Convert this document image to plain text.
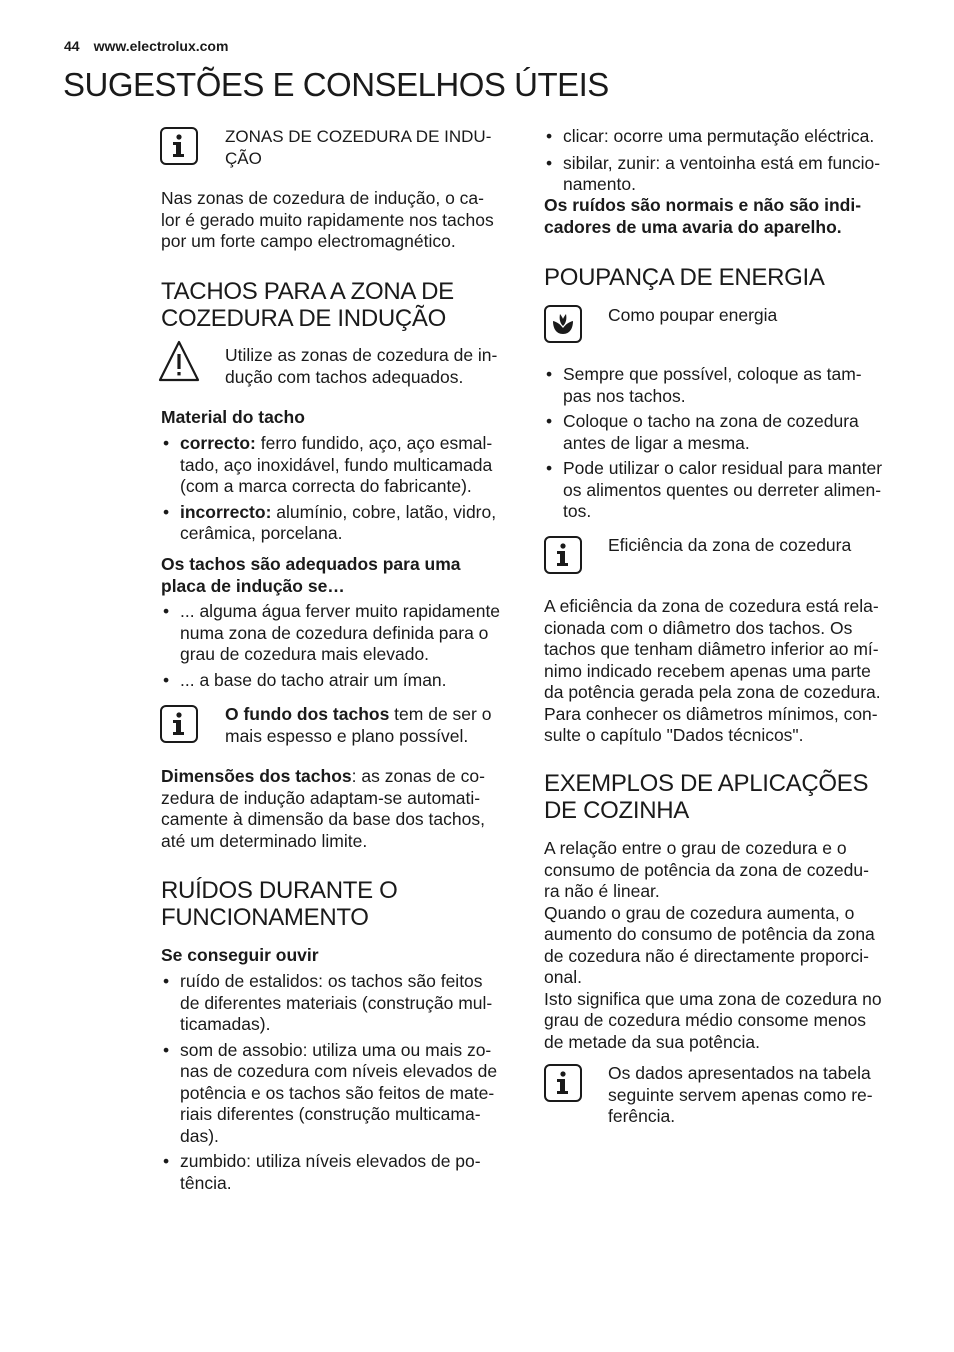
44 www.electrolux.com
SUGESTÕES E CONSELHOS ÚTEIS
ZONAS DE COZEDURA DE INDU-
ÇÃO
Nas zonas de cozedura de indução, o ca-
lor é gerado muito rapidamente nos tachos
por um forte campo electromagnético.
TACHOS PARA A ZONA DE
COZEDURA DE INDUÇÃO
Utilize as zonas de cozedura de in-
dução com tachos adequados.
Material do tacho
• correcto: ferro fundido, aço, aço esmal-
tado, aço inoxidável, fundo multicamada
(com a marca correcta do fabricante).
• incorrecto: alumínio, cobre, latão, vidro,
cerâmica, porcelana.
Os tachos são adequados para uma
placa de indução se…
• ... alguma água ferver muito rapidamente
numa zona de cozedura definida para o
grau de cozedura mais elevado.
• ... a base do tacho atrair um íman.
O fundo dos tachos tem de ser o
mais espesso e plano possível.
Dimensões dos tachos: as zonas de co-
zedura de indução adaptam-se automati-
camente à dimensão da base dos tachos,
até um determinado limite.
RUÍDOS DURANTE O
FUNCIONAMENTO
Se conseguir ouvir
• ruído de estalidos: os tachos são feitos
de diferentes materiais (construção mul-
ticamadas).
• som de assobio: utiliza uma ou mais zo-
nas de cozedura com níveis elevados de
potência e os tachos são feitos de mate-
riais diferentes (construção multicama-
das).
• zumbido: utiliza níveis elevados de po-
tência.
• clicar: ocorre uma permutação eléctrica.
• sibilar, zunir: a ventoinha está em funcio-
namento.
Os ruídos são normais e não são indi-
cadores de uma avaria do aparelho.
POUPANÇA DE ENERGIA
Como poupar energia
• Sempre que possível, coloque as tam-
pas nos tachos.
• Coloque o tacho na zona de cozedura
antes de ligar a mesma.
• Pode utilizar o calor residual para manter
os alimentos quentes ou derreter alimen-
tos.
Eficiência da zona de cozedura
A eficiência da zona de cozedura está rela-
cionada com o diâmetro dos tachos. Os
tachos que tenham diâmetro inferior ao mí-
nimo indicado recebem apenas uma parte
da potência gerada pela zona de cozedura.
Para conhecer os diâmetros mínimos, con-
sulte o capítulo "Dados técnicos".
EXEMPLOS DE APLICAÇÕES
DE COZINHA
A relação entre o grau de cozedura e o
consumo de potência da zona de cozedu-
ra não é linear.
Quando o grau de cozedura aumenta, o
aumento do consumo de potência da zona
de cozedura não é directamente proporci-
onal.
Isto significa que uma zona de cozedura no
grau de cozedura médio consome menos
de metade da sua potência.
Os dados apresentados na tabela
seguinte servem apenas como re-
ferência.
